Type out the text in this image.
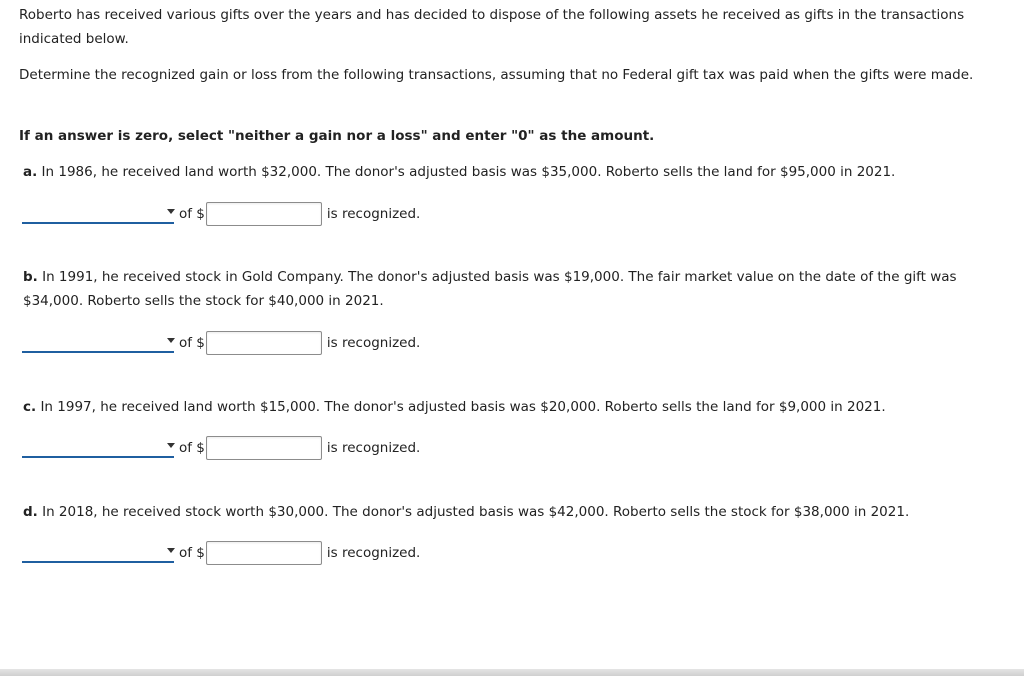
Roberto has received various gifts over the years and has decided to dispose of the following assets he received as gifts in the transactions indicated below.

Determine the recognized gain or loss from the following transactions, assuming that no Federal gift tax was paid when the gifts were made.

If an answer is zero, select "neither a gain nor a loss" and enter "0" as the amount.
a. In 1986, he received land worth $32,000. The donor's adjusted basis was $35,000. Roberto sells the land for $95,000 in 2021.
of $	is recognized.
b. In 1991, he received stock in Gold Company. The donor's adjusted basis was $19,000. The fair market value on the date of the gift was $34,000. Roberto sells the stock for $40,000 in 2021.
of $	is recognized.
c. In 1997, he received land worth $15,000. The donor's adjusted basis was $20,000. Roberto sells the land for $9,000 in 2021.
of $	is recognized.
d. In 2018, he received stock worth $30,000. The donor's adjusted basis was $42,000. Roberto sells the stock for $38,000 in 2021.
of $	is recognized.
